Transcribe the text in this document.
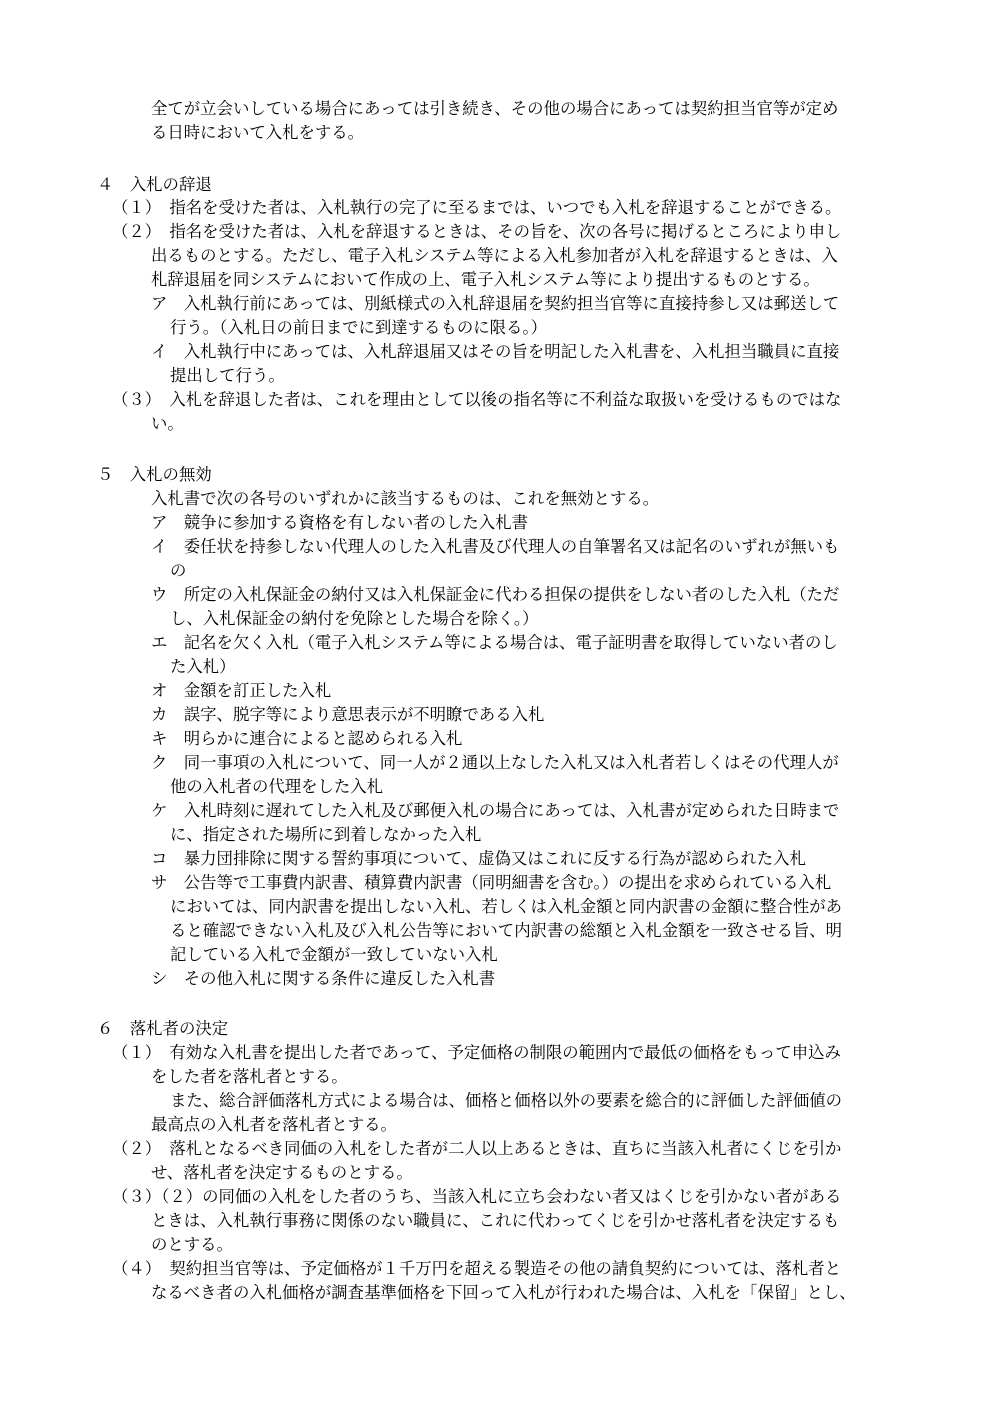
全てが立会いしている場合にあっては引き続き、その他の場合にあっては契約担当官等が定め
る日時において入札をする。
４　入札の辞退
（１）　指名を受けた者は、入札執行の完了に至るまでは、いつでも入札を辞退することができる。
（２）　指名を受けた者は、入札を辞退するときは、その旨を、次の各号に掲げるところにより申し
出るものとする。ただし、電子入札システム等による入札参加者が入札を辞退するときは、入
札辞退届を同システムにおいて作成の上、電子入札システム等により提出するものとする。
ア　入札執行前にあっては、別紙様式の入札辞退届を契約担当官等に直接持参し又は郵送して
行う。（入札日の前日までに到達するものに限る。）
イ　入札執行中にあっては、入札辞退届又はその旨を明記した入札書を、入札担当職員に直接
提出して行う。
（３）　入札を辞退した者は、これを理由として以後の指名等に不利益な取扱いを受けるものではな
い。
５　入札の無効
入札書で次の各号のいずれかに該当するものは、これを無効とする。
ア　競争に参加する資格を有しない者のした入札書
イ　委任状を持参しない代理人のした入札書及び代理人の自筆署名又は記名のいずれが無いも
の
ウ　所定の入札保証金の納付又は入札保証金に代わる担保の提供をしない者のした入札（ただ
し、入札保証金の納付を免除とした場合を除く。）
エ　記名を欠く入札（電子入札システム等による場合は、電子証明書を取得していない者のし
た入札）
オ　金額を訂正した入札
カ　誤字、脱字等により意思表示が不明瞭である入札
キ　明らかに連合によると認められる入札
ク　同一事項の入札について、同一人が２通以上なした入札又は入札者若しくはその代理人が
他の入札者の代理をした入札
ケ　入札時刻に遅れてした入札及び郵便入札の場合にあっては、入札書が定められた日時まで
に、指定された場所に到着しなかった入札
コ　暴力団排除に関する誓約事項について、虚偽又はこれに反する行為が認められた入札
サ　公告等で工事費内訳書、積算費内訳書（同明細書を含む。）の提出を求められている入札
においては、同内訳書を提出しない入札、若しくは入札金額と同内訳書の金額に整合性があ
ると確認できない入札及び入札公告等において内訳書の総額と入札金額を一致させる旨、明
記している入札で金額が一致していない入札
シ　その他入札に関する条件に違反した入札書
６　落札者の決定
（１）　有効な入札書を提出した者であって、予定価格の制限の範囲内で最低の価格をもって申込み
をした者を落札者とする。
また、総合評価落札方式による場合は、価格と価格以外の要素を総合的に評価した評価値の
最高点の入札者を落札者とする。
（２）　落札となるべき同価の入札をした者が二人以上あるときは、直ちに当該入札者にくじを引か
せ、落札者を決定するものとする。
（３）（２）の同価の入札をした者のうち、当該入札に立ち会わない者又はくじを引かない者がある
ときは、入札執行事務に関係のない職員に、これに代わってくじを引かせ落札者を決定するも
のとする。
（４）　契約担当官等は、予定価格が１千万円を超える製造その他の請負契約については、落札者と
なるべき者の入札価格が調査基準価格を下回って入札が行われた場合は、入札を「保留」とし、
